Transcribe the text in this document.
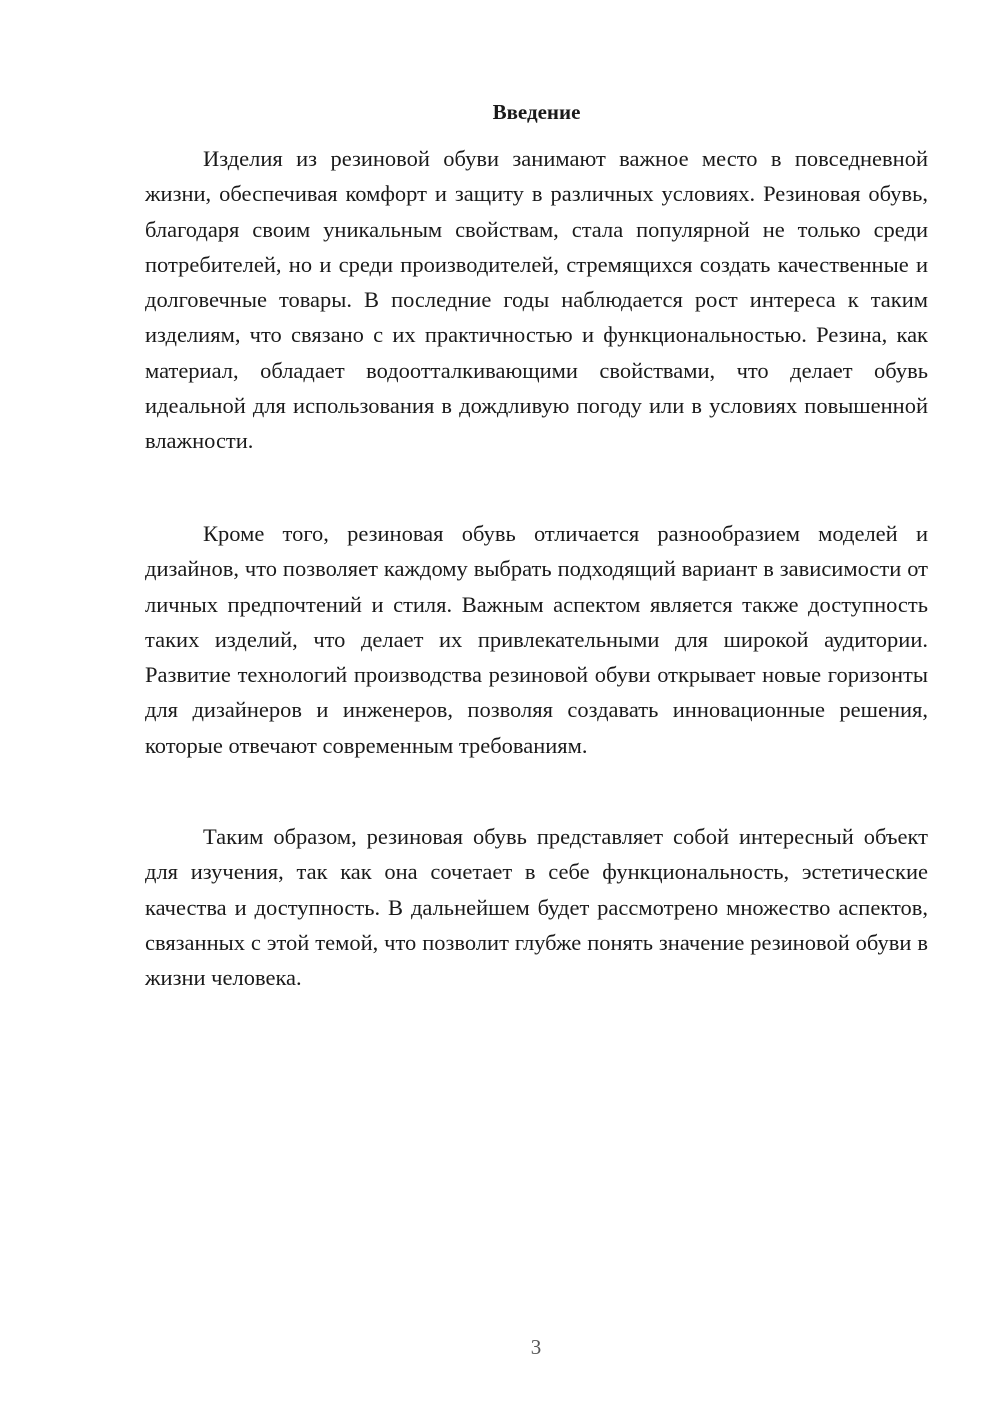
Введение

Изделия из резиновой обуви занимают важное место в повседневной жизни, обеспечивая комфорт и защиту в различных условиях. Резиновая обувь, благодаря своим уникальным свойствам, стала популярной не только среди потребителей, но и среди производителей, стремящихся создать качественные и долговечные товары. В последние годы наблюдается рост интереса к таким изделиям, что связано с их практичностью и функциональностью. Резина, как материал, обладает водоотталкивающими свойствами, что делает обувь идеальной для использования в дождливую погоду или в условиях повышенной влажности.

Кроме того, резиновая обувь отличается разнообразием моделей и дизайнов, что позволяет каждому выбрать подходящий вариант в зависимости от личных предпочтений и стиля. Важным аспектом является также доступность таких изделий, что делает их привлекательными для широкой аудитории. Развитие технологий производства резиновой обуви открывает новые горизонты для дизайнеров и инженеров, позволяя создавать инновационные решения, которые отвечают современным требованиям.

Таким образом, резиновая обувь представляет собой интересный объект для изучения, так как она сочетает в себе функциональность, эстетические качества и доступность. В дальнейшем будет рассмотрено множество аспектов, связанных с этой темой, что позволит глубже понять значение резиновой обуви в жизни человека.

3
